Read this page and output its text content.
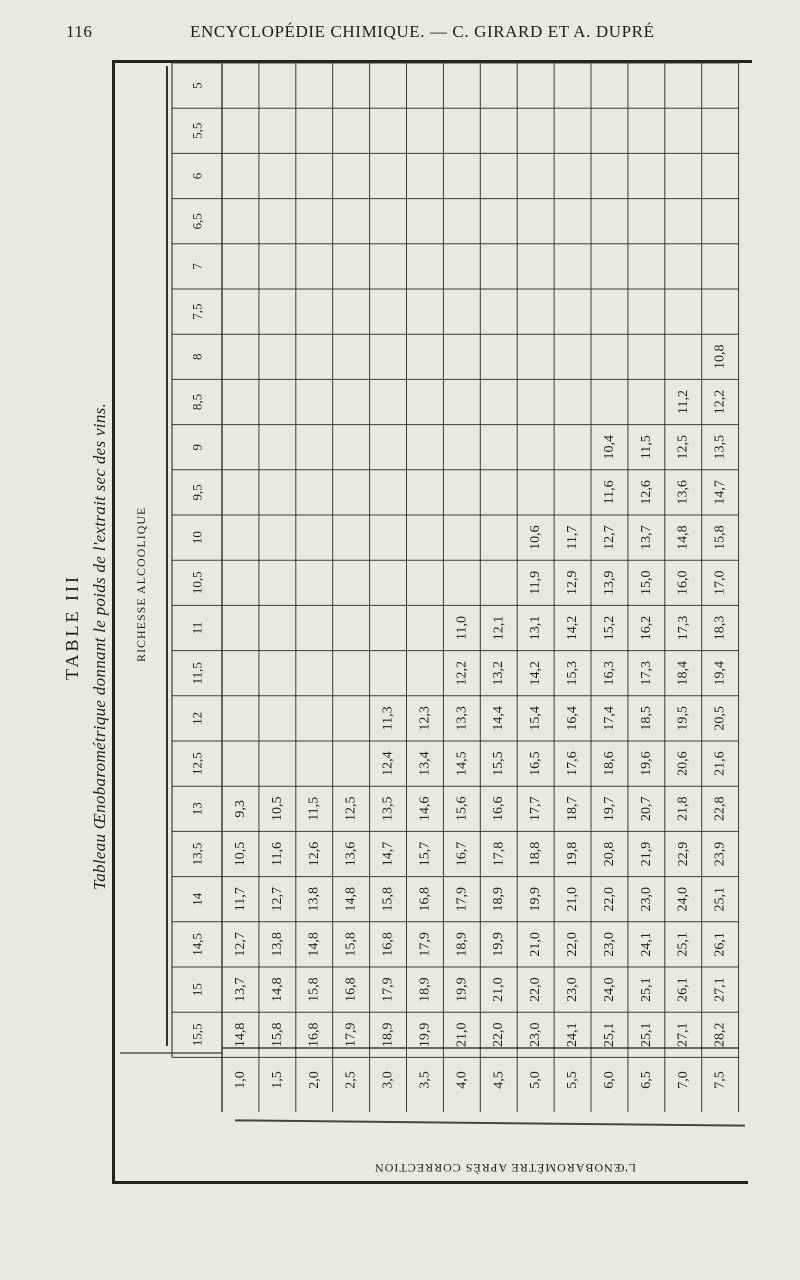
116	ENCYCLOPÉDIE CHIMIQUE. — C. GIRARD ET A. DUPRÉ
TABLE III Tableau Œnobarométrique donnant le poids de l'extrait sec des vins. RICHESSE ALCOOLIQUE
L'ŒNOBAROMÈTRE APRÈS CORRECTION
5
5,5
6
6,5
7
7,5
8
8,5
9
9,5
10
10,5
11
11,5
12
12,5
13
13,5
14
14,5
15
15,5
1,0
9,3
10,5
11,7
12,7
13,7
14,8
1,5
10,5
11,6
12,7
13,8
14,8
15,8
2,0
11,5
12,6
13,8
14,8
15,8
16,8
2,5
12,5
13,6
14,8
15,8
16,8
17,9
3,0
11,3
12,4
13,5
14,7
15,8
16,8
17,9
18,9
3,5
12,3
13,4
14,6
15,7
16,8
17,9
18,9
19,9
4,0
11,0
12,2
13,3
14,5
15,6
16,7
17,9
18,9
19,9
21,0
4,5
12,1
13,2
14,4
15,5
16,6
17,8
18,9
19,9
21,0
22,0
5,0
10,6
11,9
13,1
14,2
15,4
16,5
17,7
18,8
19,9
21,0
22,0
23,0
5,5
11,7
12,9
14,2
15,3
16,4
17,6
18,7
19,8
21,0
22,0
23,0
24,1
6,0
10,4
11,6
12,7
13,9
15,2
16,3
17,4
18,6
19,7
20,8
22,0
23,0
24,0
25,1
6,5
11,5
12,6
13,7
15,0
16,2
17,3
18,5
19,6
20,7
21,9
23,0
24,1
25,1
25,1
7,0
11,2
12,5
13,6
14,8
16,0
17,3
18,4
19,5
20,6
21,8
22,9
24,0
25,1
26,1
27,1
7,5
10,8
12,2
13,5
14,7
15,8
17,0
18,3
19,4
20,5
21,6
22,8
23,9
25,1
26,1
27,1
28,2
